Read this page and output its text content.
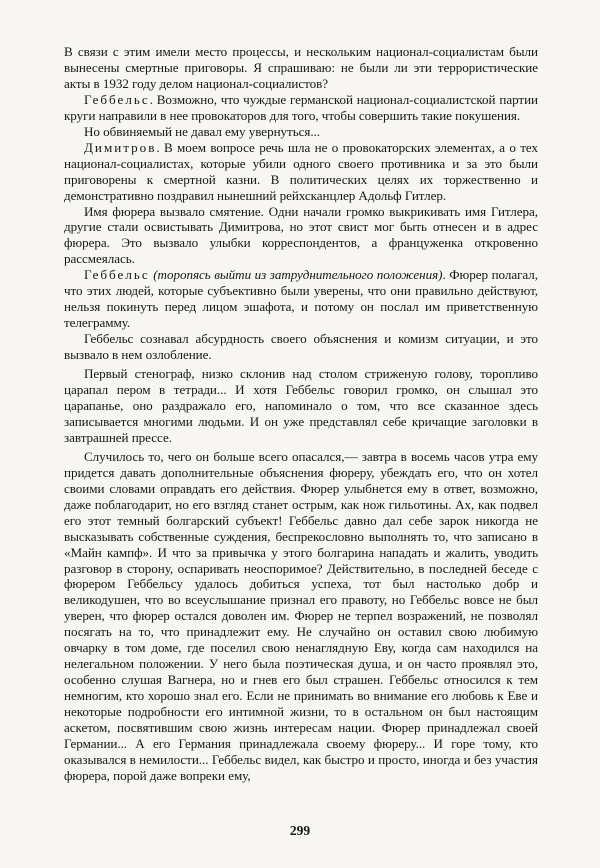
В связи с этим имели место процессы, и нескольким национал-социалистам были вынесены смертные приговоры. Я спрашиваю: не были ли эти террористические акты в 1932 году делом национал-социалистов?

Геббельс. Возможно, что чуждые германской национал-социалистской партии круги направили в нее провокаторов для того, чтобы совершить такие покушения.

Но обвиняемый не давал ему увернуться...

Димитров. В моем вопросе речь шла не о провокаторских элементах, а о тех национал-социалистах, которые убили одного своего противника и за это были приговорены к смертной казни. В политических целях их торжественно и демонстративно поздравил нынешний рейхсканцлер Адольф Гитлер.

Имя фюрера вызвало смятение. Одни начали громко выкрикивать имя Гитлера, другие стали освистывать Димитрова, но этот свист мог быть отнесен и в адрес фюрера. Это вызвало улыбки корреспондентов, а француженка откровенно рассмеялась.

Геббельс (торопясь выйти из затруднительного положения). Фюрер полагал, что этих людей, которые субъективно были уверены, что они правильно действуют, нельзя покинуть перед лицом эшафота, и потому он послал им приветственную телеграмму.

Геббельс сознавал абсурдность своего объяснения и комизм ситуации, и это вызвало в нем озлобление.

Первый стенограф, низко склонив над столом стриженую голову, торопливо царапал пером в тетради... И хотя Геббельс говорил громко, он слышал это царапанье, оно раздражало его, напоминало о том, что все сказанное здесь записывается многими людьми. И он уже представлял себе кричащие заголовки в завтрашней прессе.

Случилось то, чего он больше всего опасался,— завтра в восемь часов утра ему придется давать дополнительные объяснения фюреру, убеждать его, что он хотел своими словами оправдать его действия. Фюрер улыбнется ему в ответ, возможно, даже поблагодарит, но его взгляд станет острым, как нож гильотины. Ах, как подвел его этот темный болгарский субъект! Геббельс давно дал себе зарок никогда не высказывать собственные суждения, беспрекословно выполнять то, что записано в «Майн кампф». И что за привычка у этого болгарина нападать и жалить, уводить разговор в сторону, оспаривать неоспоримое? Действительно, в последней беседе с фюрером Геббельсу удалось добиться успеха, тот был настолько добр и великодушен, что во всеуслышание признал его правоту, но Геббельс вовсе не был уверен, что фюрер остался доволен им. Фюрер не терпел возражений, не позволял посягать на то, что принадлежит ему. Не случайно он оставил свою любимую овчарку в том доме, где поселил свою ненаглядную Еву, когда сам находился на нелегальном положении. У него была поэтическая душа, и он часто проявлял это, особенно слушая Вагнера, но и гнев его был страшен. Геббельс относился к тем немногим, кто хорошо знал его. Если не принимать во внимание его любовь к Еве и некоторые подробности его интимной жизни, то в остальном он был настоящим аскетом, посвятившим свою жизнь интересам нации. Фюрер принадлежал своей Германии... А его Германия принадлежала своему фюреру... И горе тому, кто оказывался в немилости... Геббельс видел, как быстро и просто, иногда и без участия фюрера, порой даже вопреки ему,

299
